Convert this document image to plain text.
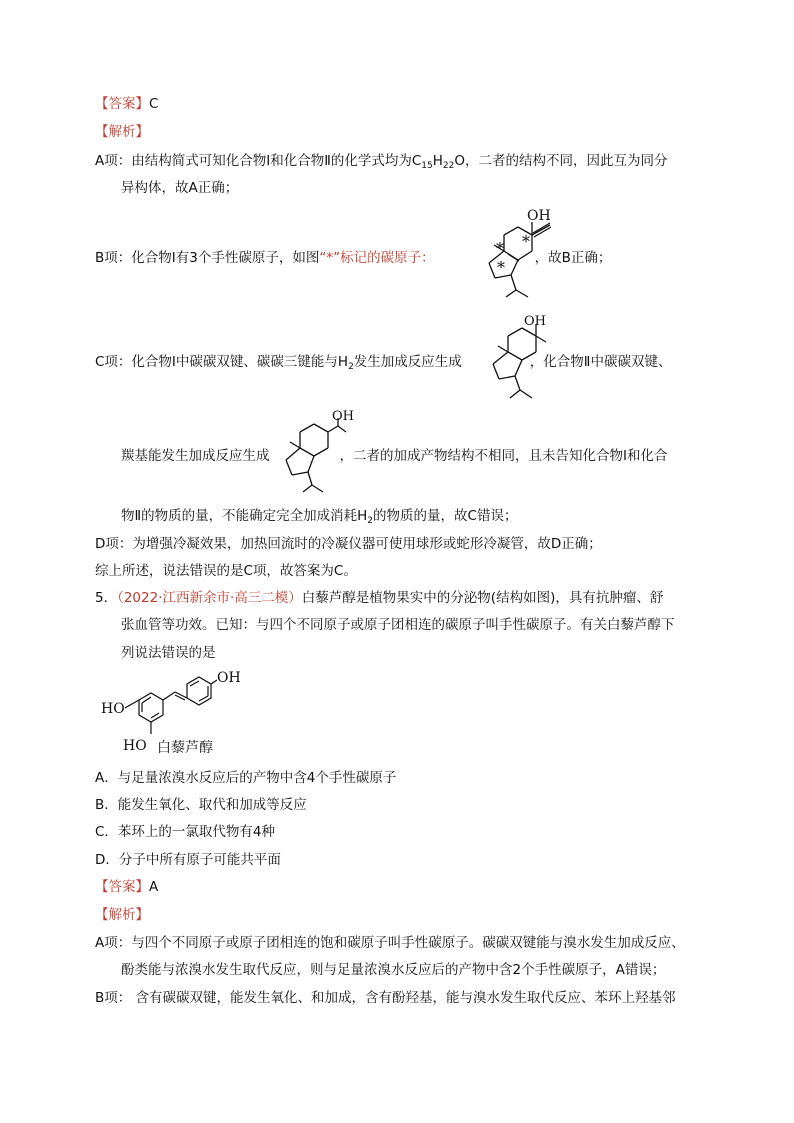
【答案】C
【解析】
A项：由结构简式可知化合物Ⅰ和化合物Ⅱ的化学式均为$C_{15}H_{22}O$，二者的结构不同，因此互为同分
异构体，故A正确；
B项：化合物Ⅰ有3个手性碳原子，如图“*”标记的碳原子：	，故B正确；
C项：化合物Ⅰ中碳碳双键、碳碳三键能与$H_2$发生加成反应生成	，化合物Ⅱ中碳碳双键、
羰基能发生加成反应生成	，二者的加成产物结构不相同，且未告知化合物Ⅰ和化合
物Ⅱ的物质的量，不能确定完全加成消耗$H_2$的物质的量，故C错误；
D项：为增强冷凝效果，加热回流时的冷凝仪器可使用球形或蛇形冷凝管，故D正确；
综上所述，说法错误的是C项，故答案为C。
5．（2022·江西新余市·高三二模）白藜芦醇是植物果实中的分泌物(结构如图)，具有抗肿瘤、舒
张血管等功效。已知：与四个不同原子或原子团相连的碳原子叫手性碳原子。有关白藜芦醇下
列说法错误的是
A．与足量浓溴水反应后的产物中含4个手性碳原子
B．能发生氧化、取代和加成等反应
C．苯环上的一氯取代物有4种
D．分子中所有原子可能共平面
【答案】A
【解析】
A项：与四个不同原子或原子团相连的饱和碳原子叫手性碳原子。碳碳双键能与溴水发生加成反应、
酚类能与浓溴水发生取代反应，则与足量浓溴水反应后的产物中含2个手性碳原子，A错误；
B项： 含有碳碳双键，能发生氧化、和加成，含有酚羟基，能与溴水发生取代反应、苯环上羟基邻
OH
*
*
*
OH
OH
OH
HO
HO 白藜芦醇
